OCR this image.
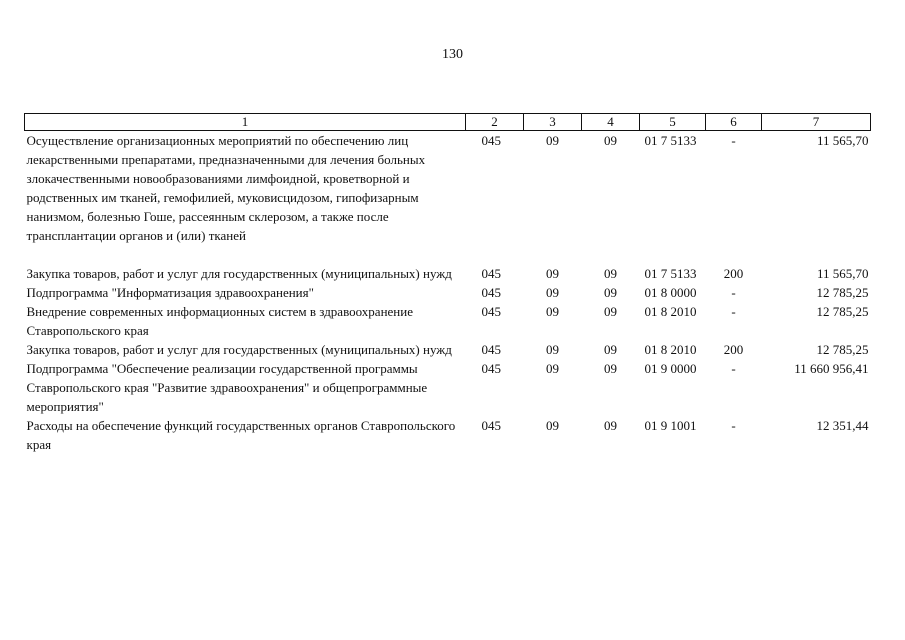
130
1	2	3	4	5	6	7
Осуществление организационных мероприятий по обеспечению лиц лекарственными препаратами, предназначенными для лечения больных злокачественными новообразованиями лимфоидной, кроветворной и родственных им тканей, гемофилией, муковисцидозом, гипофизарным нанизмом, болезнью Гоше, рассеянным склерозом, а также после трансплантации органов и (или) тканей	045	09	09	01 7 5133	-	11 565,70

Закупка товаров, работ и услуг для государственных (муниципальных) нужд	045	09	09	01 7 5133	200	11 565,70
Подпрограмма "Информатизация здравоохранения"	045	09	09	01 8 0000	-	12 785,25
Внедрение современных информационных систем в здравоохранение Ставропольского края	045	09	09	01 8 2010	-	12 785,25
Закупка товаров, работ и услуг для государственных (муниципальных) нужд	045	09	09	01 8 2010	200	12 785,25
Подпрограмма "Обеспечение реализации государственной программы Ставропольского края "Развитие здравоохранения" и общепрограммные мероприятия"	045	09	09	01 9 0000	-	11 660 956,41
Расходы на обеспечение функций государственных органов Ставропольского края	045	09	09	01 9 1001	-	12 351,44
